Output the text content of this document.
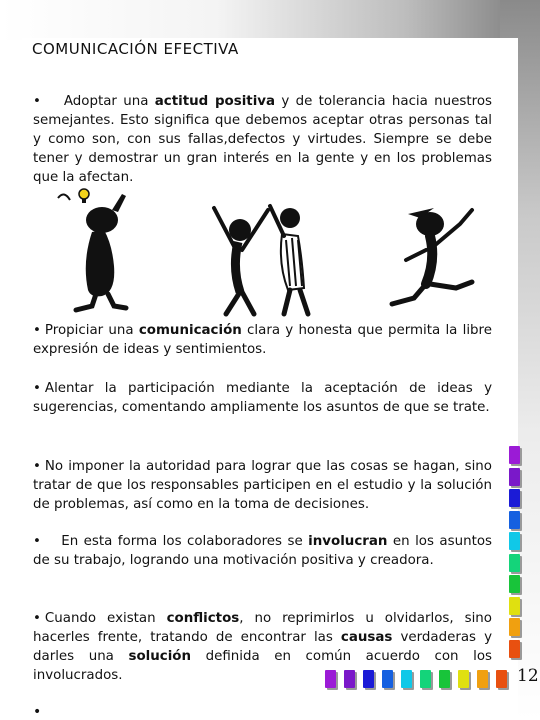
COMUNICACIÓN EFECTIVA

• Adoptar una actitud positiva y de tolerancia hacia nuestros semejantes. Esto significa que debemos aceptar otras personas tal y como son, con sus fallas,defectos y virtudes. Siempre se debe tener y demostrar un gran interés en la gente y en los problemas que la afectan.

• Propiciar una comunicación clara y honesta que permita la libre expresión de ideas y sentimientos.

• Alentar la participación mediante la aceptación de ideas y sugerencias, comentando ampliamente los asuntos de que se trate.

• No imponer la autoridad para lograr que las cosas se hagan, sino tratar de que los responsables participen en el estudio y la solución de problemas, así como en la toma de decisiones.

• En esta forma los colaboradores se involucran en los asuntos de su trabajo, logrando una motivación positiva y creadora.

• Cuando existan conflictos, no reprimirlos u olvidarlos, sino hacerles frente, tratando de encontrar las causas verdaderas y darles una solución definida en común acuerdo con los involucrados.	12
•
